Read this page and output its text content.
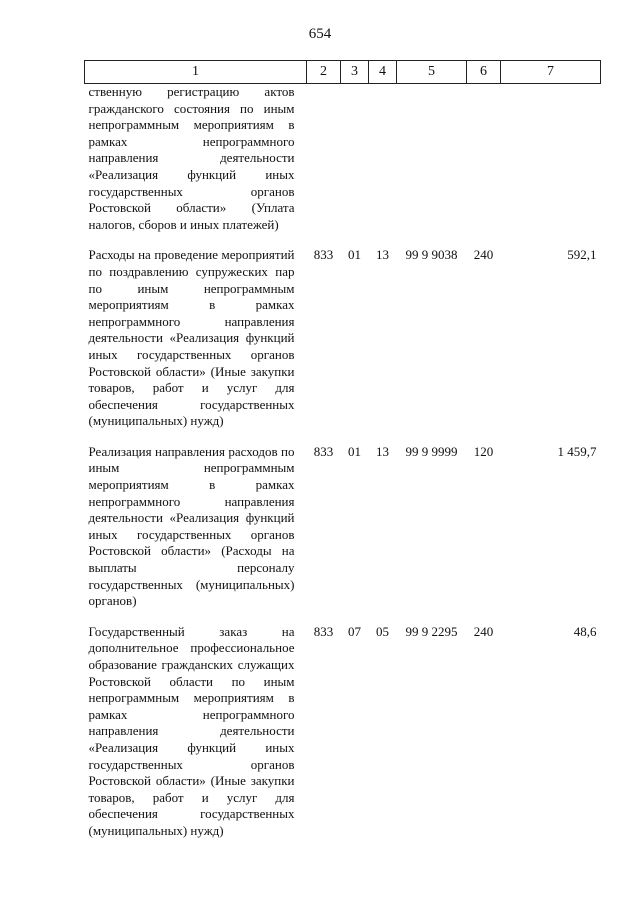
654
1	2	3	4	5	6	7
ственную регистрацию актов гражданского состояния по иным непрограммным мероприятиям в рамках непрограммного направления деятельности «Реализация функций иных государственных органов Ростовской области» (Уплата налогов, сборов и иных платежей)						
Расходы на проведение мероприятий по поздравлению супружеских пар по иным непрограммным мероприятиям в рамках непрограммного направления деятельности «Реализация функций иных государственных органов Ростовской области» (Иные закупки товаров, работ и услуг для обеспечения государственных (муниципальных) нужд)	833	01	13	99 9 9038	240	592,1
Реализация направления расходов по иным непрограммным мероприятиям в рамках непрограммного направления деятельности «Реализация функций иных государственных органов Ростовской области» (Расходы на выплаты персоналу государственных (муниципальных) органов)	833	01	13	99 9 9999	120	1 459,7
Государственный заказ на дополнительное профессиональное образование гражданских служащих Ростовской области по иным непрограммным мероприятиям в рамках непрограммного направления деятельности «Реализация функций иных государственных органов Ростовской области» (Иные закупки товаров, работ и услуг для обеспечения государственных (муниципальных) нужд)	833	07	05	99 9 2295	240	48,6
